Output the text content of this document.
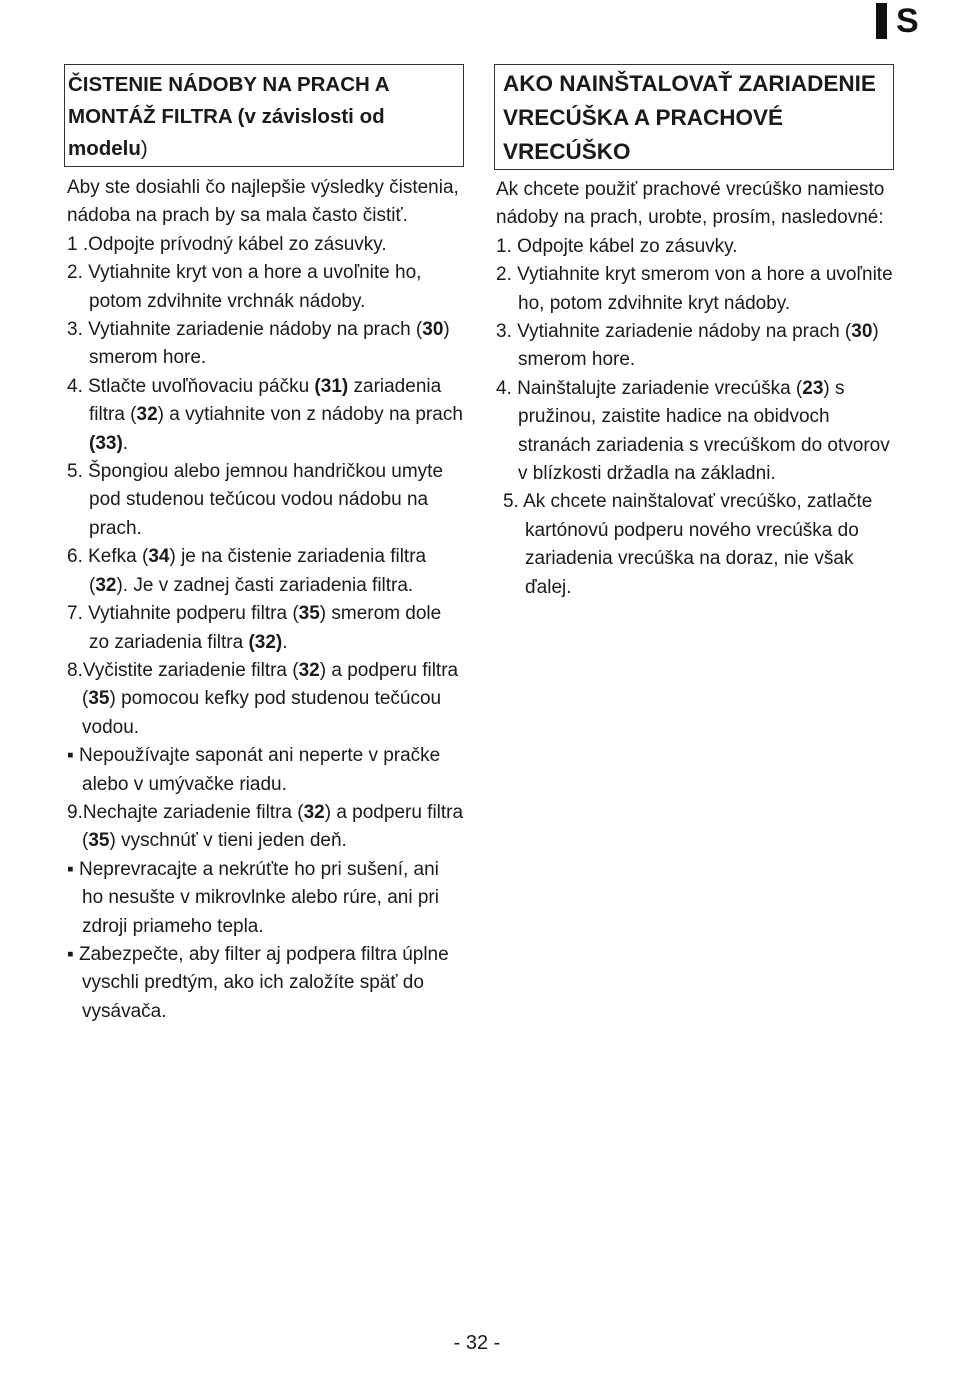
S

ČISTENIE NÁDOBY NA PRACH A MONTÁŽ FILTRA (v závislosti od modelu)

Aby ste dosiahli čo najlepšie výsledky čistenia, nádoba na prach by sa mala často čistiť.

1 .Odpojte prívodný kábel zo zásuvky.

2. Vytiahnite kryt von a hore a uvoľnite ho, potom zdvihnite vrchnák nádoby.

3. Vytiahnite zariadenie nádoby na prach (30) smerom hore.

4. Stlačte uvoľňovaciu páčku (31) zariadenia filtra (32) a vytiahnite von z nádoby na prach (33).

5. Špongiou alebo jemnou handričkou umyte pod studenou tečúcou vodou nádobu na prach.

6. Kefka (34) je na čistenie zariadenia filtra (32). Je v zadnej časti zariadenia filtra.

7. Vytiahnite podperu filtra (35) smerom dole zo zariadenia filtra (32).

8.Vyčistite zariadenie filtra (32) a podperu filtra (35) pomocou kefky pod studenou tečúcou vodou.

▪ Nepoužívajte saponát ani neperte v pračke alebo v umývačke riadu.

9.Nechajte zariadenie filtra (32) a podperu filtra (35) vyschnúť v tieni jeden deň.

▪ Neprevracajte a nekrúťte ho pri sušení, ani ho nesušte v mikrovlnke alebo rúre, ani pri zdroji priameho tepla.

▪ Zabezpečte, aby filter aj podpera filtra úplne vyschli predtým, ako ich založíte späť do vysávača.

AKO NAINŠTALOVAŤ ZARIADENIE VRECÚŠKA A PRACHOVÉ VRECÚŠKO

Ak chcete použiť prachové vrecúško namiesto nádoby na prach, urobte, prosím, nasledovné:

1. Odpojte kábel zo zásuvky.

2. Vytiahnite kryt smerom von a hore a uvoľnite ho, potom zdvihnite kryt nádoby.

3. Vytiahnite zariadenie nádoby na prach (30) smerom hore.

4. Nainštalujte zariadenie vrecúška (23) s pružinou, zaistite hadice na obidvoch stranách zariadenia s vrecúškom do otvorov v blízkosti držadla na základni.

5. Ak chcete nainštalovať vrecúško, zatlačte kartónovú podperu nového vrecúška do zariadenia vrecúška na doraz, nie však ďalej.

- 32 -
